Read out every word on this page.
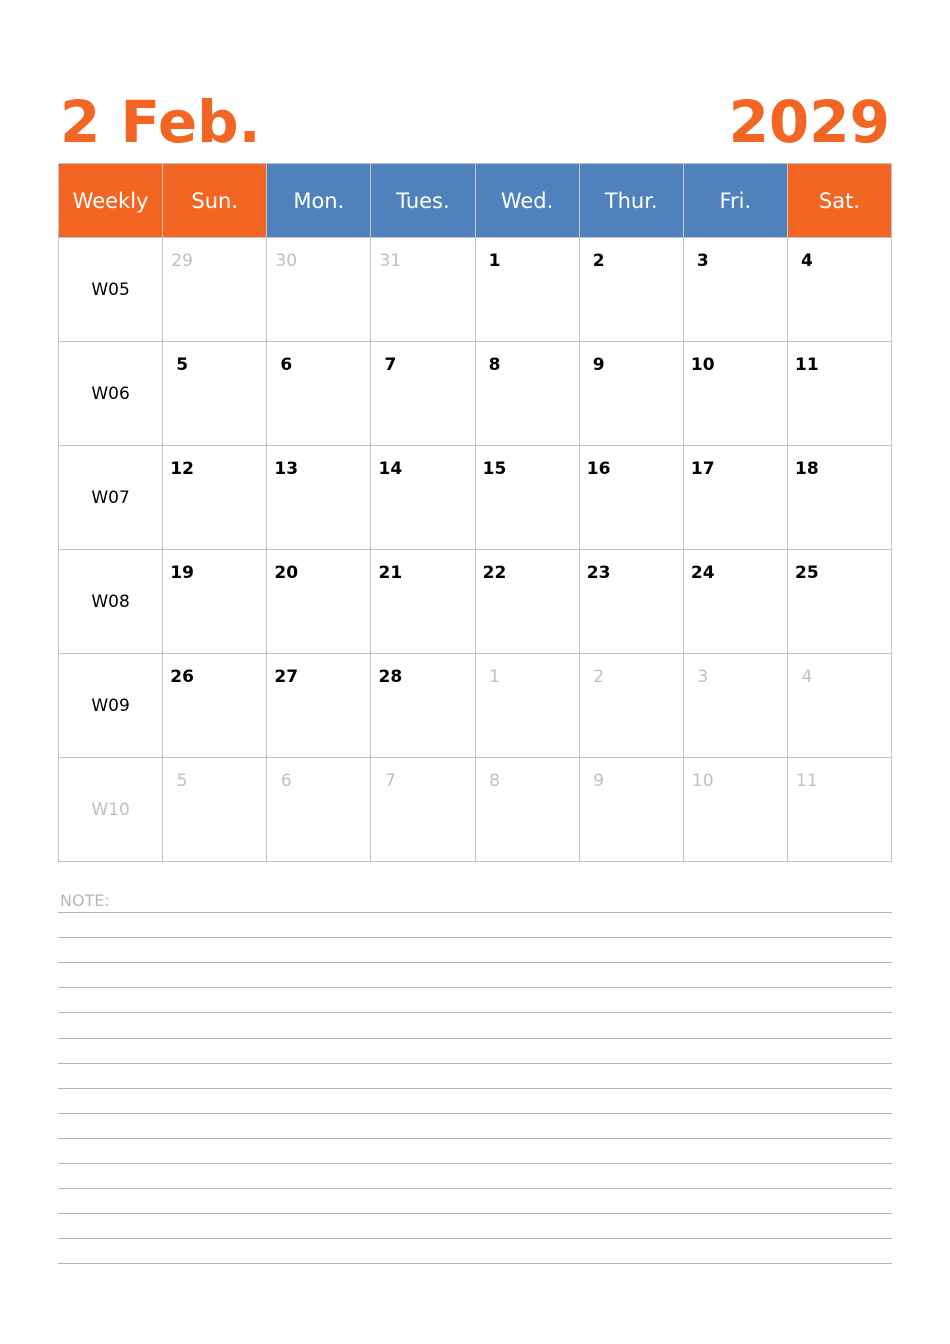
2 Feb.	2029
Weekly	Sun.	Mon.	Tues.	Wed.	Thur.	Fri.	Sat.
W05	29	30	31	1	2	3	4

W06	5	6	7	8	9	10	11

W07	12	13	14	15	16	17	18

W08	19	20	21	22	23	24	25

W09	26	27	28	1	2	3	4

W10	5	6	7	8	9	10	11
NOTE:
